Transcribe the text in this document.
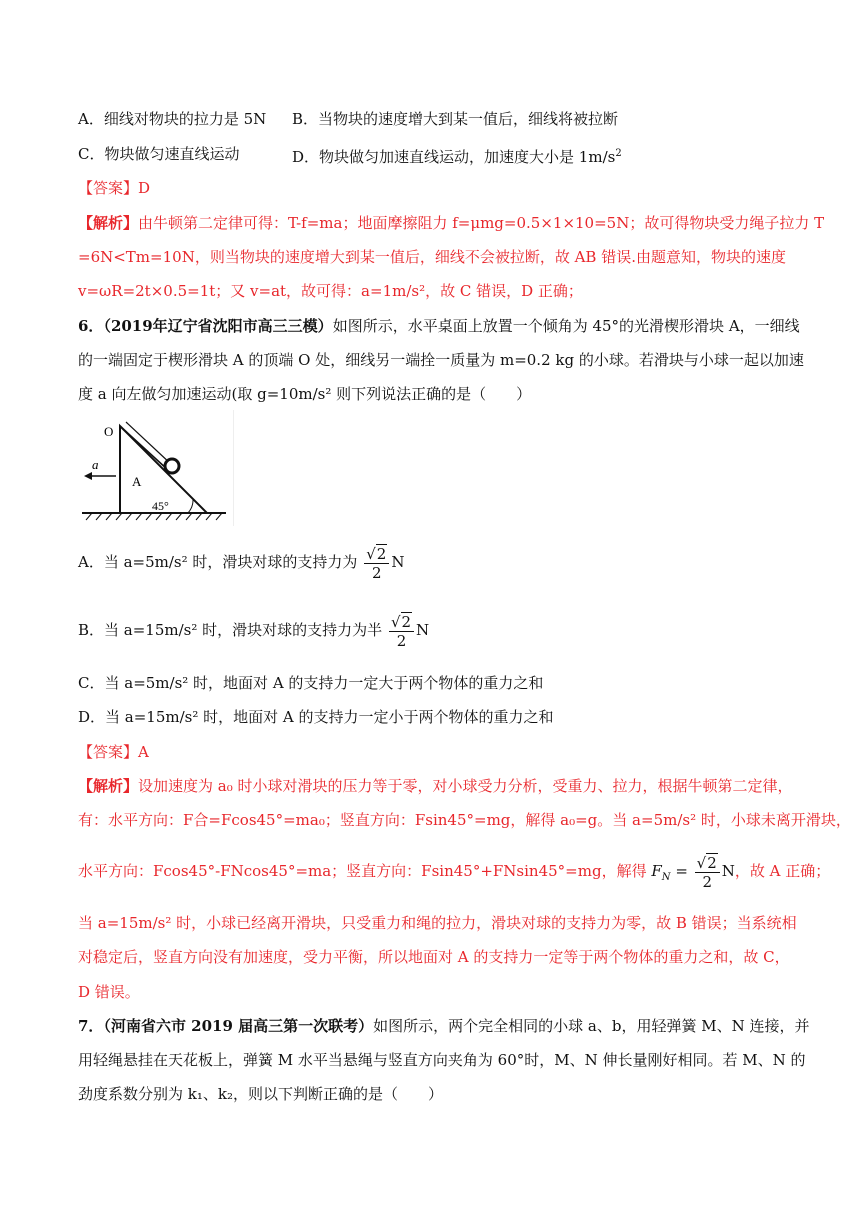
A．细线对物块的拉力是 5N B．当物块的速度增大到某一值后，细线将被拉断
C．物块做匀速直线运动	D．物块做匀加速直线运动，加速度大小是 $1m/s^2$
【答案】D
【解析】由牛顿第二定律可得：T-f=ma；地面摩擦阻力 f=μmg=0.5×1×10=5N；故可得物块受力绳子拉力 T
=6N<Tm=10N，则当物块的速度增大到某一值后，细线不会被拉断，故 AB 错误.由题意知，物块的速度
v=ωR=2t×0.5=1t；又 v=at，故可得：a=1m/s²，故 C 错误，D 正确；
6．（2019年辽宁省沈阳市高三三模）如图所示，水平桌面上放置一个倾角为 45°的光滑楔形滑块 A，一细线
的一端固定于楔形滑块 A 的顶端 O 处，细线另一端拴一质量为 m=0.2 kg 的小球。若滑块与小球一起以加速
度 a 向左做匀加速运动(取 g=10m/s² 则下列说法正确的是（　　）
a
O
A
45°
A．当 a=5m/s² 时，滑块对球的支持力为 $\frac{√2}{2}$ N
B．当 a=15m/s² 时，滑块对球的支持力为半 $\frac{√2}{2}$ N
C．当 a=5m/s² 时，地面对 A 的支持力一定大于两个物体的重力之和
D．当 a=15m/s² 时，地面对 A 的支持力一定小于两个物体的重力之和
【答案】A
【解析】设加速度为 a₀ 时小球对滑块的压力等于零，对小球受力分析，受重力、拉力，根据牛顿第二定律，
有：水平方向：F合=Fcos45°=ma₀；竖直方向：Fsin45°=mg，解得 a₀=g。当 a=5m/s² 时，小球未离开滑块，
水平方向：Fcos45°-FNcos45°=ma；竖直方向：Fsin45°+FNsin45°=mg，解得 $F_N = \frac{√2}{2}$ N，故 A 正确；
当 a=15m/s² 时，小球已经离开滑块，只受重力和绳的拉力，滑块对球的支持力为零，故 B 错误；当系统相
对稳定后，竖直方向没有加速度，受力平衡，所以地面对 A 的支持力一定等于两个物体的重力之和，故 C，
D 错误。
7．（河南省六市 2019 届高三第一次联考）如图所示，两个完全相同的小球 a、b，用轻弹簧 M、N 连接，并
用轻绳悬挂在天花板上，弹簧 M 水平当悬绳与竖直方向夹角为 60°时，M、N 伸长量刚好相同。若 M、N 的
劲度系数分别为 k₁、k₂，则以下判断正确的是（　　）
